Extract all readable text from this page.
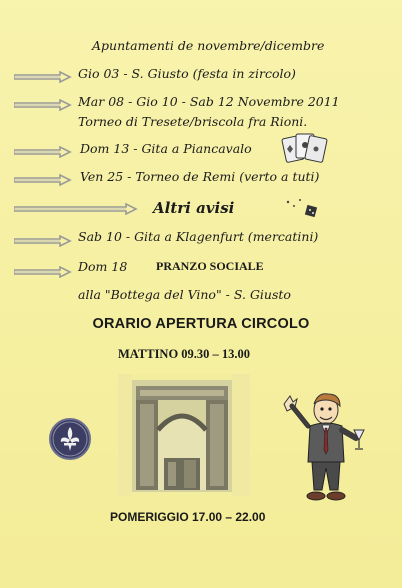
Apuntamenti de novembre/dicembre
Gio 03 - S. Giusto (festa in zircolo)
Mar 08 - Gio 10 - Sab 12 Novembre 2011
Torneo di Tresete/briscola fra Rioni.
Dom 13 - Gita a Piancavalo
Ven 25 - Torneo de Remi (verto a tuti)
Altri avisi
Sab 10 - Gita a Klagenfurt (mercatini)
Dom 18 PRANZO SOCIALE
alla "Bottega del Vino" - S. Giusto
ORARIO APERTURA CIRCOLO
MATTINO 09.30 – 13.00
POMERIGGIO 17.00 – 22.00
